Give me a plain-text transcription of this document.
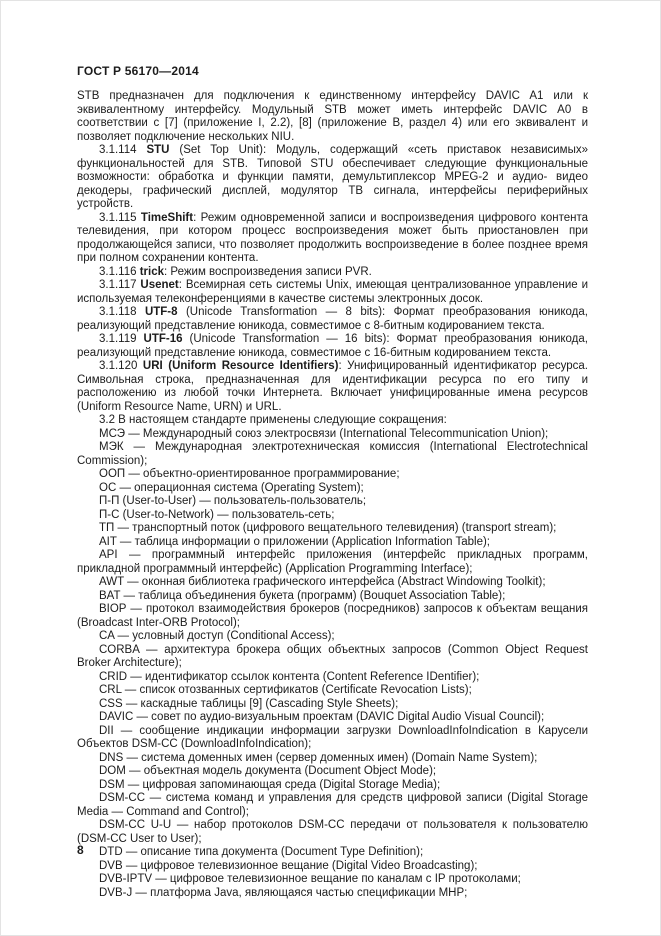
ГОСТ Р 56170—2014
STB предназначен для подключения к единственному интерфейсу DAVIC A1 или к эквивалентному интерфейсу. Модульный STB может иметь интерфейс DAVIC A0 в соответствии с [7] (приложение I, 2.2), [8] (приложение B, раздел 4) или его эквивалент и позволяет подключение нескольких NIU.
3.1.114 STU (Set Top Unit): Модуль, содержащий «сеть приставок независимых» функциональностей для STB. Типовой STU обеспечивает следующие функциональные возможности: обработка и функции памяти, демультиплексор MPEG-2 и аудио- видео декодеры, графический дисплей, модулятор ТВ сигнала, интерфейсы периферийных устройств.
3.1.115 TimeShift: Режим одновременной записи и воспроизведения цифрового контента телевидения, при котором процесс воспроизведения может быть приостановлен при продолжающейся записи, что позволяет продолжить воспроизведение в более позднее время при полном сохранении контента.
3.1.116 trick: Режим воспроизведения записи PVR.
3.1.117 Usenet: Всемирная сеть системы Unix, имеющая централизованное управление и используемая телеконференциями в качестве системы электронных досок.
3.1.118 UTF-8 (Unicode Transformation — 8 bits): Формат преобразования юникода, реализующий представление юникода, совместимое с 8-битным кодированием текста.
3.1.119 UTF-16 (Unicode Transformation — 16 bits): Формат преобразования юникода, реализующий представление юникода, совместимое с 16-битным кодированием текста.
3.1.120 URI (Uniform Resource Identifiers): Унифицированный идентификатор ресурса. Символьная строка, предназначенная для идентификации ресурса по его типу и расположению из любой точки Интернета. Включает унифицированные имена ресурсов (Uniform Resource Name, URN) и URL.
3.2 В настоящем стандарте применены следующие сокращения:
МСЭ — Международный союз электросвязи (International Telecommunication Union);
МЭК — Международная электротехническая комиссия (International Electrotechnical Commission);
ООП — объектно-ориентированное программирование;
ОС — операционная система (Operating System);
П-П (User-to-User) — пользователь-пользователь;
П-С (User-to-Network) — пользователь-сеть;
ТП — транспортный поток (цифрового вещательного телевидения) (transport stream);
AIT — таблица информации о приложении (Application Information Table);
API — программный интерфейс приложения (интерфейс прикладных программ, прикладной программный интерфейс) (Application Programming Interface);
AWT — оконная библиотека графического интерфейса (Abstract Windowing Toolkit);
BAT — таблица объединения букета (программ) (Bouquet Association Table);
BIOP — протокол взаимодействия брокеров (посредников) запросов к объектам вещания (Broadcast Inter-ORB Protocol);
CA — условный доступ (Conditional Access);
CORBA — архитектура брокера общих объектных запросов (Common Object Request Broker Architecture);
CRID — идентификатор ссылок контента (Content Reference IDentifier);
CRL — список отозванных сертификатов (Certificate Revocation Lists);
CSS — каскадные таблицы [9] (Cascading Style Sheets);
DAVIC — совет по аудио-визуальным проектам (DAVIC Digital Audio Visual Council);
DII — сообщение индикации информации загрузки DownloadInfoIndication в Карусели Объектов DSM-CC (DownloadInfoIndication);
DNS — система доменных имен (сервер доменных имен) (Domain Name System);
DOM — объектная модель документа (Document Object Mode);
DSM — цифровая запоминающая среда (Digital Storage Media);
DSM-CC — система команд и управления для средств цифровой записи (Digital Storage Media — Command and Control);
DSM-CC U-U — набор протоколов DSM-CC передачи от пользователя к пользователю (DSM-CC User to User);
DTD — описание типа документа (Document Type Definition);
DVB — цифровое телевизионное вещание (Digital Video Broadcasting);
DVB-IPTV — цифровое телевизионное вещание по каналам с IP протоколами;
DVB-J — платформа Java, являющаяся частью спецификации MHP;
8
